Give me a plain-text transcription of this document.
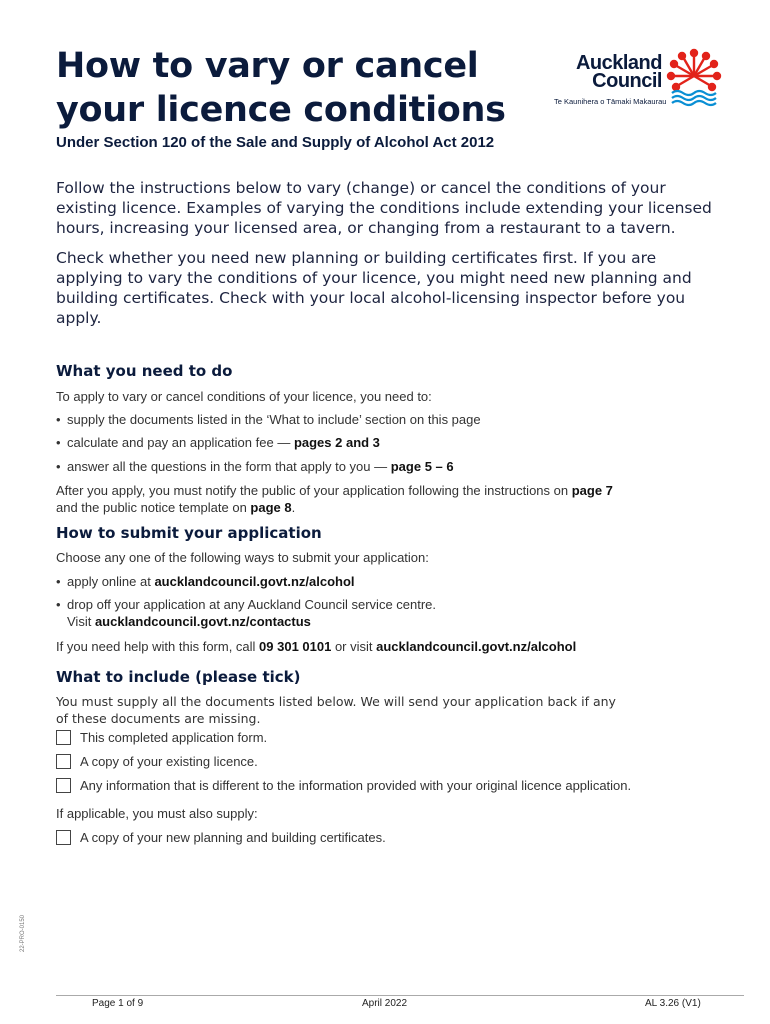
How to vary or cancel
your licence conditions
Auckland
Council
Te Kaunihera o Tāmaki Makaurau
Under Section 120 of the Sale and Supply of Alcohol Act 2012

Follow the instructions below to vary (change) or cancel the conditions of your existing licence. Examples of varying the conditions include extending your licensed hours, increasing your licensed area, or changing from a restaurant to a tavern.

Check whether you need new planning or building certificates first. If you are applying to vary the conditions of your licence, you might need new planning and building certificates. Check with your local alcohol-licensing inspector before you apply.

What you need to do

To apply to vary or cancel conditions of your licence, you need to:

• supply the documents listed in the ‘What to include’ section on this page

• calculate and pay an application fee — pages 2 and 3

• answer all the questions in the form that apply to you — page 5 – 6

After you apply, you must notify the public of your application following the instructions on page 7
and the public notice template on page 8.

How to submit your application

Choose any one of the following ways to submit your application:

• apply online at aucklandcouncil.govt.nz/alcohol

• drop off your application at any Auckland Council service centre.
Visit aucklandcouncil.govt.nz/contactus

If you need help with this form, call 09 301 0101 or visit aucklandcouncil.govt.nz/alcohol

What to include (please tick)

You must supply all the documents listed below. We will send your application back if any
of these documents are missing.

This completed application form.
A copy of your existing licence.
Any information that is different to the information provided with your original licence application.

If applicable, you must also supply:

A copy of your new planning and building certificates.
22-PRO-0150
Page 1 of 9	April 2022	AL 3.26 (V1)
